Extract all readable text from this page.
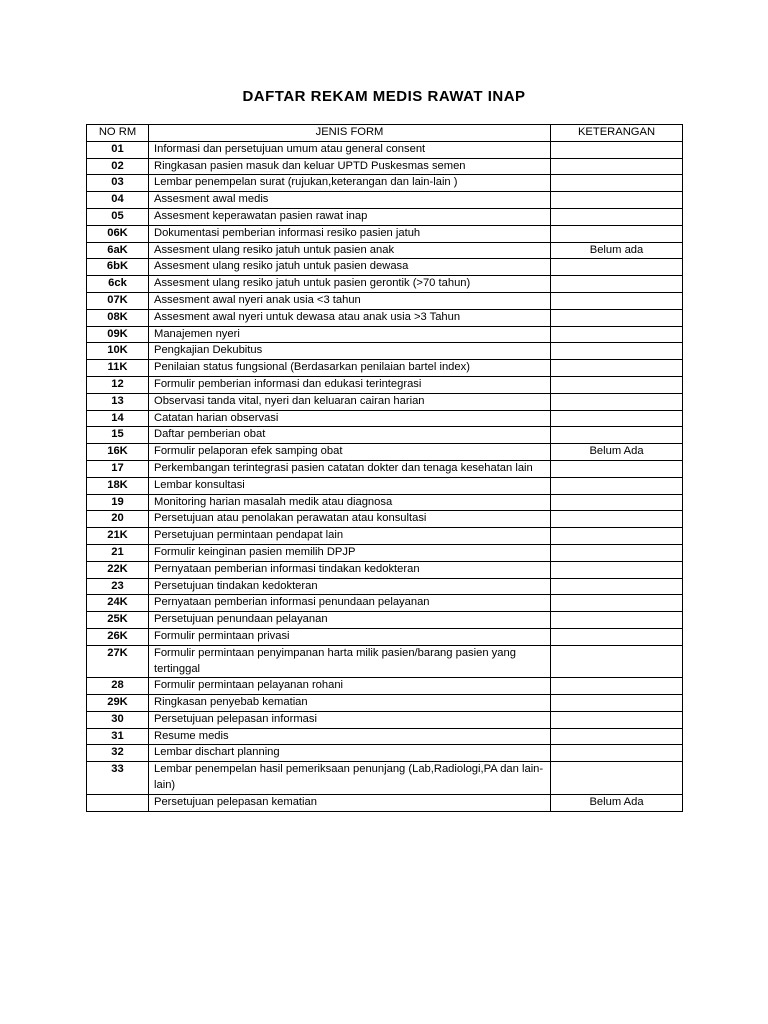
DAFTAR REKAM MEDIS RAWAT INAP
NO RM	JENIS FORM	KETERANGAN
01	Informasi dan persetujuan umum atau general consent	
02	Ringkasan pasien masuk dan keluar UPTD Puskesmas semen	
03	Lembar penempelan surat (rujukan,keterangan dan lain-lain )	
04	Assesment awal medis	
05	Assesment keperawatan pasien rawat inap	
06K	Dokumentasi pemberian informasi resiko pasien jatuh	
6aK	Assesment ulang resiko jatuh untuk pasien anak	Belum ada
6bK	Assesment ulang resiko jatuh untuk pasien dewasa	
6ck	Assesment ulang resiko jatuh untuk pasien gerontik (>70 tahun)	
07K	Assesment awal nyeri anak usia <3 tahun	
08K	Assesment awal nyeri untuk dewasa atau anak usia >3 Tahun	
09K	Manajemen nyeri	
10K	Pengkajian Dekubitus	
11K	Penilaian status fungsional (Berdasarkan penilaian bartel index)	
12	Formulir pemberian informasi dan edukasi terintegrasi	
13	Observasi tanda vital, nyeri dan keluaran cairan harian	
14	Catatan harian observasi	
15	Daftar pemberian obat	
16K	Formulir pelaporan efek samping obat	Belum Ada
17	Perkembangan terintegrasi pasien catatan dokter dan tenaga kesehatan lain	
18K	Lembar konsultasi	
19	Monitoring harian masalah medik atau diagnosa	
20	Persetujuan atau penolakan perawatan atau konsultasi	
21K	Persetujuan permintaan pendapat lain	
21	Formulir keinginan pasien memilih DPJP	
22K	Pernyataan pemberian informasi tindakan kedokteran	
23	Persetujuan tindakan kedokteran	
24K	Pernyataan pemberian informasi penundaan pelayanan	
25K	Persetujuan penundaan pelayanan	
26K	Formulir permintaan privasi	
27K	Formulir permintaan penyimpanan harta milik pasien/barang pasien yang tertinggal	
28	Formulir permintaan pelayanan rohani	
29K	Ringkasan penyebab kematian	
30	Persetujuan pelepasan informasi	
31	Resume medis	
32	Lembar dischart planning	
33	Lembar penempelan hasil pemeriksaan penunjang (Lab,Radiologi,PA dan lain-lain)	
	Persetujuan pelepasan kematian	Belum Ada
